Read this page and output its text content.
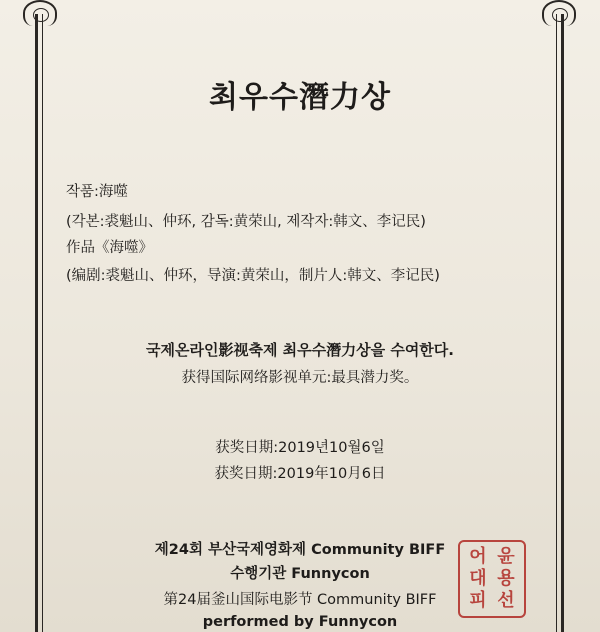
최우수潛力상
작품:海噬
(각본:裘魁山、仲环, 감독:黄荣山, 제작자:韩文、李记民)
作品《海噬》
(编剧:裘魁山、仲环，导演:黄荣山，制片人:韩文、李记民)
국제온라인影视축제 최우수潛力상을 수여한다.
获得国际网络影视单元:最具潜力奖。
获奖日期:2019년10월6일
获奖日期:2019年10月6日
제24회 부산국제영화제 Community BIFF
수행기관 Funnycon
第24届釜山国际电影节 Community BIFF
performed by Funnycon
어 윤
대 용
피 선
